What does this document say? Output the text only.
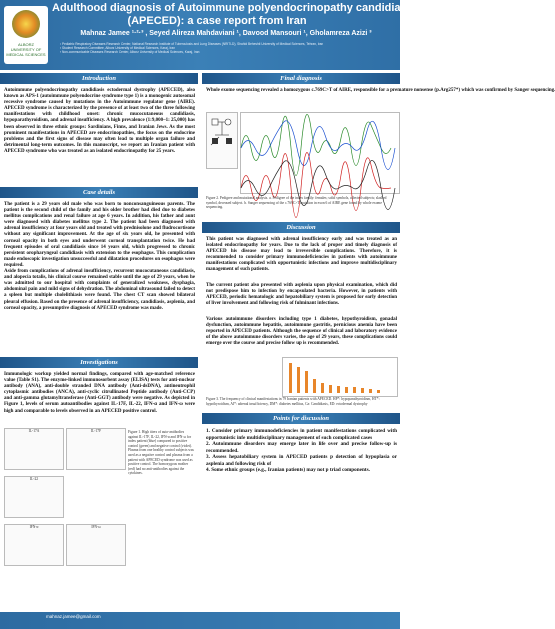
ALBORZ UNIVERSITY OF MEDICAL SCIENCES
Adulthood diagnosis of Autoimmune polyendocrinopathy candidiasis ectodermal dystr
(APECED): a case report from Iran
Mahnaz Jamee ¹·²·³ , Seyed Alireza Mahdaviani ¹, Davood Mansouri ¹, Gholamreza Azizi ³
¹ Pediatric Respiratory Diseases Research Center, National Research Institute of Tuberculosis and Lung Diseases (NRITLD), Shahid Beheshti University of Medical Sciences, Tehran, Iran
² Student Research Committee, Alborz University of Medical Sciences, Karaj, Iran
³ Non-communicable Diseases Research Center, Alborz University of Medical Sciences, Karaj, Iran
Introduction
Autoimmune polyendocrinopathy candidiasis ectodermal dystrophy (APECED), also known as APS-1 (autoimmune polyendocrine syndrome type 1) is a monogenic autosomal recessive syndrome caused by mutations in the Autoimmune regulator gene (AIRE). APECED syndrome is characterized by the presence of at least two of the three following manifestations with childhood onset: chronic mucocutaneous candidiasis, hypoparathyroidism, and adrenal insufficiency. A high prevalence (1:9,000–1: 25,000) has been observed in three ethnic groups: Sardinians, Finns, and Iranian Jews. As the most prominent manifestations in APECED are endocrinopathies, the focus on the endocrine problems and the first signs of disease may often lead to multiple organ failure and detrimental long-term outcomes. In this manuscript, we report an Iranian patient with APECED syndrome who was treated as an isolated endocrinopathy for 25 years.
Case details
The patient is a 29 years old male who was born to nonconsanguineous parents. The patient is the second child of the family and his older brother had died due to diabetes mellitus complications and renal failure at age 6 years. In addition, his father and aunt were diagnosed with diabetes mellitus type 2. The patient had been diagnosed with adrenal insufficiency at four years old and treated with prednisolone and fludrocortisone without any significant improvement. At the age of six years old, he presented with corneal opacity in both eyes and underwent corneal transplantation twice. He had frequent episodes of oral candidiasis since 14 years old, which progressed to chronic persistent oropharyngeal candidiasis with extension to the esophagus. This complication made endoscopic investigation unsuccessful and dilatation procedures on esophagus were required.
Aside from complications of adrenal insufficiency, recurrent mucocutaneous candidiasis, and alopecia totalis, his clinical course remained stable until the age of 29 years, when he was admitted to our hospital with complaints of generalized weakness, dysphagia, abdominal pain and mild signs of dehydration. The abdominal ultrasound failed to detect a spleen but multiple cholelithiasis were found. The chest CT scan showed bilateral pleural effusion. Based on the presence of adrenal insufficiency, candidiasis, asplenia, and corneal opacity, a presumptive diagnosis of APECED syndrome was made.
Investigations
Immunologic workup yielded normal findings, compared with age-matched reference value (Table S1). The enzyme-linked immunosorbent assay (ELISA) tests for anti-nuclear antibody (ANA), anti-double stranded DNA antibody (Anti-dsDNA), antineutrophil cytoplasmic antibodies (ANCA), anti-cyclic citrullinated Peptide antibody (Anti-CCP) and anti-gamma glutamyltransferase (Anti-GGT) antibody were negative. As depicted in Figure 1, levels of serum autoantibodies against IL-17F, IL-22, IFN-α and IFN-ω were high and comparable to levels observed in an APECED positive control.
IL-17A	IL-17F
IL-22
IFN-α	IFN-ω
Figure 1. High titers of auto-antibodies against IL-17F, IL-22, IFN-α and IFN-ω for index patient (blue) compared to positive control (green) and negative control (violet). Plasma from one healthy control subjects was used as a negative control and plasma from a patient with APECED syndrome was used as positive control. The homozygous mother (red) had no anti-antibodies against the cytokines.
Final diagnosis
Whole exome sequencing revealed a homozygous c.769C>T of AIRE, responsible for a premature nonsense (p.Arg257*) which was confirmed by Sanger sequencing.
Figure 2. Pedigree and mutational analysis. a. Pedigree of the index family: females; solid symbols, affected subjects; slashed symbol, deceased subject. b. Sanger sequencing of the c.769C>T mutation in exon 6 of AIRE gene found by whole exome sequencing.
Discussion
This patient was diagnosed with adrenal insufficiency early and was treated as an isolated endocrinopathy for years. Due to the lack of proper and timely diagnosis of APECED his disease may lead to irreversible complications. Therefore, it is recommended to consider primary immunodeficiencies in patients with autoimmune manifestations complicated with opportunistic infections and improve multidisciplinary management of such patients.
The current patient also presented with asplenia upon physical examination, which did not predispose him to infection by encapsulated bacteria. However, in patients with APECED, periodic hematologic and hepatobiliary system is proposed for early detection of liver involvement and following risk of fulminant infections.
Various autoimmune disorders including type 1 diabetes, hypothyroidism, gonadal dysfunction, autoimmune hepatitis, autoimmune gastritis, pernicious anemia have been reported in APECED patients. Although the sequence of clinical and laboratory evidence of the above autoimmune disorders varies, the age of 29 years, these complications could emerge over the course and precise follow up is recommended.
Figure 3. The frequency of clinical manifestations in 79 Iranian patients with APECED. HP*: hypoparathyroidism, HT*: hypothyroidism, AI*: adrenal insufficiency, DM*: diabetes mellitus, Ca: Candidiasis, ED: ectodermal dystrophy
Points for discussion

1. Consider primary immunodeficiencies in patient manifestations complicated with opportunistic infe multidisciplinary management of such complicated cases

2. Autoimmune disorders may emerge later in life over and precise follow-up is recommended.

3. Assess hepatobiliary system in APECED patients p detection of hypoplasia or asplenia and following risk of

4. Some ethnic groups (e.g., Iranian patients) may not p triad components.

mahnaz.jamee@gmail.com
